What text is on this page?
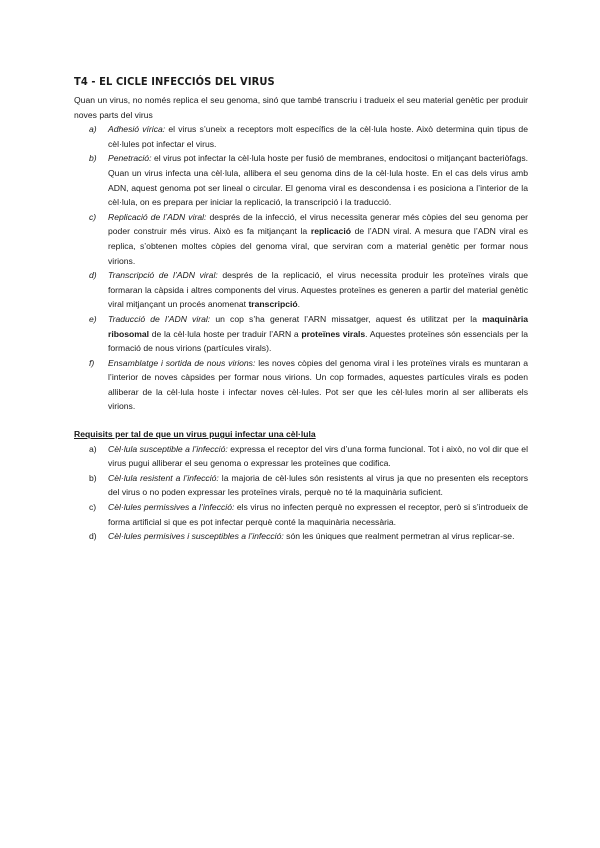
T4 - EL CICLE INFECCIÓS DEL VIRUS

Quan un virus, no només replica el seu genoma, sinó que també transcriu i tradueix el seu material genètic per produir noves parts del virus

a) Adhesió vírica: el virus s’uneix a receptors molt específics de la cèl·lula hoste. Això determina quin tipus de cèl·lules pot infectar el virus.
b) Penetració: el virus pot infectar la cèl·lula hoste per fusió de membranes, endocitosi o mitjançant bacteriòfags. Quan un virus infecta una cèl·lula, allibera el seu genoma dins de la cèl·lula hoste. En el cas dels virus amb ADN, aquest genoma pot ser lineal o circular. El genoma viral es descondensa i es posiciona a l’interior de la cèl·lula, on es prepara per iniciar la replicació, la transcripció i la traducció.
c) Replicació de l’ADN viral: després de la infecció, el virus necessita generar més còpies del seu genoma per poder construir més virus. Això es fa mitjançant la replicació de l’ADN viral. A mesura que l’ADN viral es replica, s’obtenen moltes còpies del genoma viral, que serviran com a material genètic per formar nous virions.
d) Transcripció de l’ADN viral: després de la replicació, el virus necessita produir les proteïnes virals que formaran la càpsida i altres components del virus. Aquestes proteïnes es generen a partir del material genètic viral mitjançant un procés anomenat transcripció.
e) Traducció de l’ADN viral: un cop s’ha generat l’ARN missatger, aquest és utilitzat per la maquinària ribosomal de la cèl·lula hoste per traduir l’ARN a proteïnes virals. Aquestes proteïnes són essencials per la formació de nous virions (partícules virals).
f) Ensamblatge i sortida de nous virions: les noves còpies del genoma viral i les proteïnes virals es muntaran a l’interior de noves càpsides per formar nous virions. Un cop formades, aquestes partícules virals es poden alliberar de la cèl·lula hoste i infectar noves cèl·lules. Pot ser que les cèl·lules morin al ser alliberats els virions.
Requisits per tal de que un virus pugui infectar una cèl·lula
a) Cèl·lula susceptible a l’infecció: expressa el receptor del virs d’una forma funcional. Tot i això, no vol dir que el virus pugui alliberar el seu genoma o expressar les proteïnes que codifica.
b) Cèl·lula resistent a l’infecció: la majoria de cèl·lules són resistents al virus ja que no presenten els receptors del virus o no poden expressar les proteïnes virals, perquè no té la maquinària suficient.
c) Cèl·lules permissives a l’infecció: els virus no infecten perquè no expressen el receptor, però si s’introdueix de forma artificial si que es pot infectar perquè conté la maquinària necessària.
d) Cèl·lules permisives i susceptibles a l’infecció: són les úniques que realment permetran al virus replicar-se.
